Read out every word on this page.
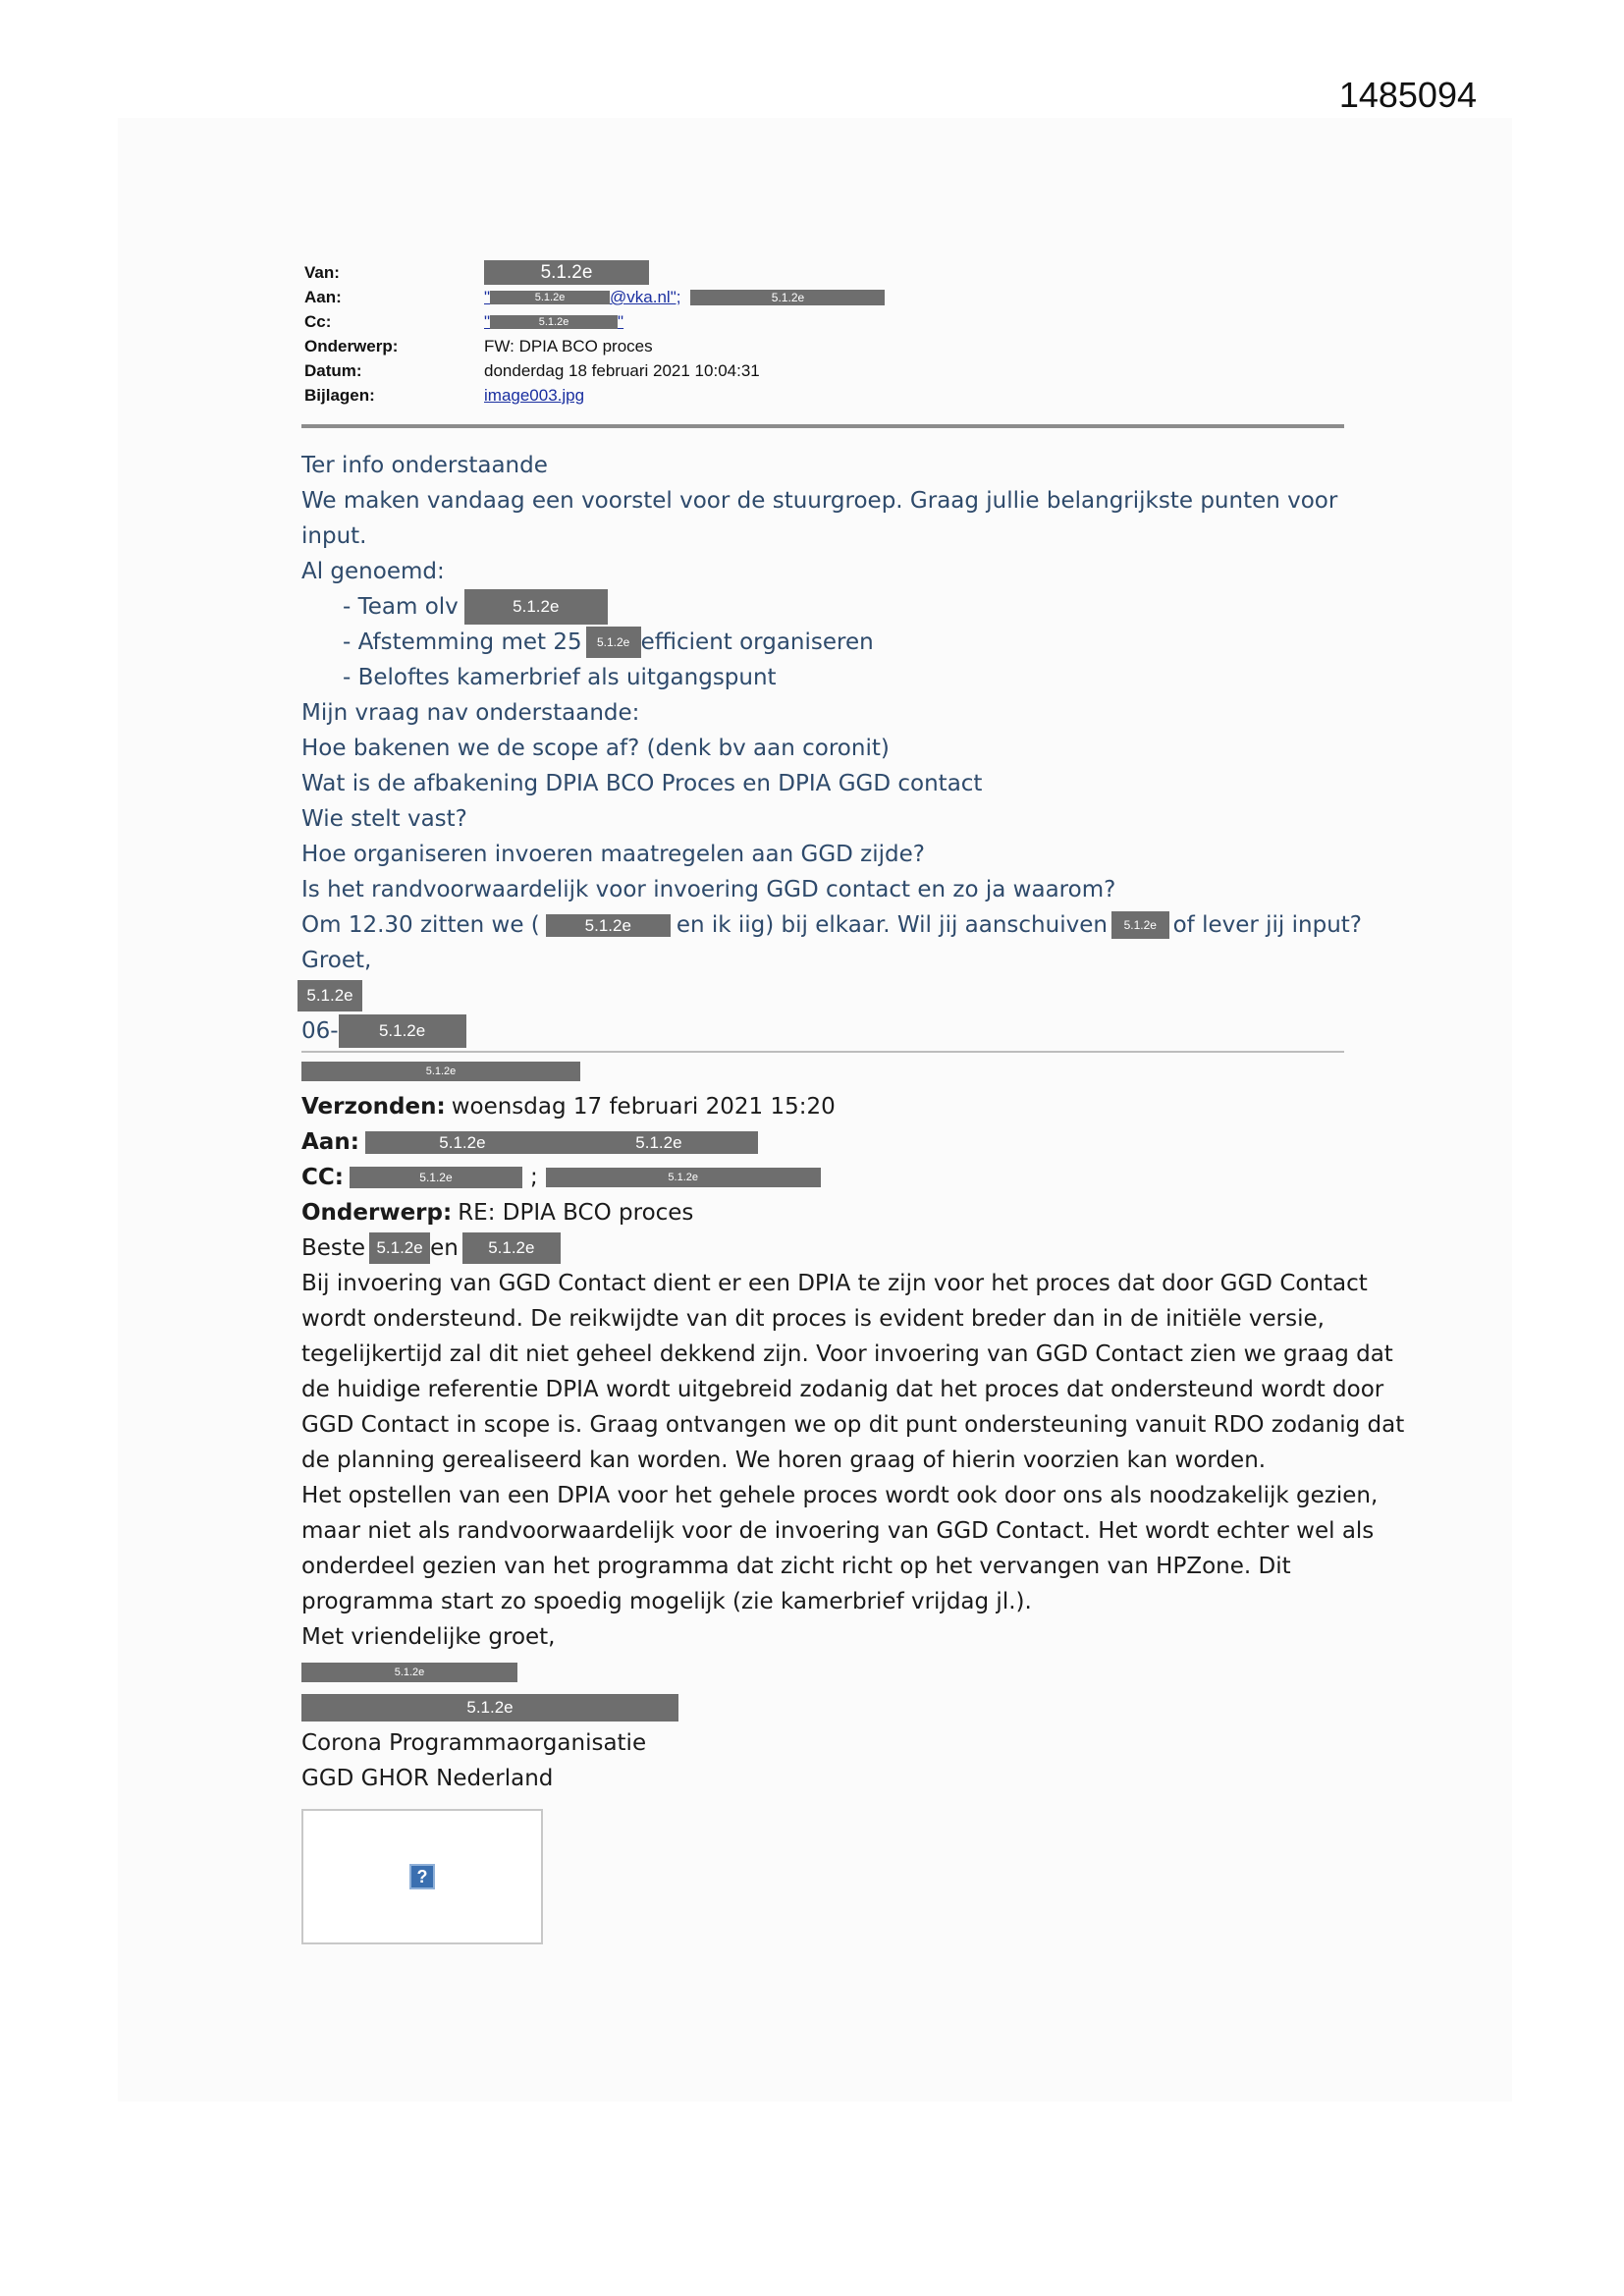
1485094
Van:	5.1.2e
Aan:	"	5.1.2e	@vka.nl";	5.1.2e
Cc:	"	5.1.2e	"
Onderwerp:	FW: DPIA BCO proces
Datum:	donderdag 18 februari 2021 10:04:31
Bijlagen:	image003.jpg

Ter info onderstaande

We maken vandaag een voorstel voor de stuurgroep. Graag jullie belangrijkste punten voor

input.

Al genoemd:

- Team olv	5.1.2e

- Afstemming met 25	5.1.2e efficient organiseren

- Beloftes kamerbrief als uitgangspunt

Mijn vraag nav onderstaande:

Hoe bakenen we de scope af? (denk bv aan coronit)

Wat is de afbakening DPIA BCO Proces en DPIA GGD contact

Wie stelt vast?

Hoe organiseren invoeren maatregelen aan GGD zijde?

Is het randvoorwaardelijk voor invoering GGD contact en zo ja waarom?

Om 12.30 zitten we (	5.1.2e	en ik iig) bij elkaar. Wil jij aanschuiven	5.1.2e of lever jij input?

Groet,

5.1.2e

06-	5.1.2e

5.1.2e

Verzonden: woensdag 17 februari 2021 15:20

Aan:	5.1.2e	5.1.2e

CC:	5.1.2e	;	5.1.2e

Onderwerp: RE: DPIA BCO proces

Beste 5.1.2e en	5.1.2e

Bij invoering van GGD Contact dient er een DPIA te zijn voor het proces dat door GGD Contact

wordt ondersteund. De reikwijdte van dit proces is evident breder dan in de initiële versie,

tegelijkertijd zal dit niet geheel dekkend zijn. Voor invoering van GGD Contact zien we graag dat

de huidige referentie DPIA wordt uitgebreid zodanig dat het proces dat ondersteund wordt door

GGD Contact in scope is. Graag ontvangen we op dit punt ondersteuning vanuit RDO zodanig dat

de planning gerealiseerd kan worden. We horen graag of hierin voorzien kan worden.

Het opstellen van een DPIA voor het gehele proces wordt ook door ons als noodzakelijk gezien,

maar niet als randvoorwaardelijk voor de invoering van GGD Contact. Het wordt echter wel als

onderdeel gezien van het programma dat zicht richt op het vervangen van HPZone. Dit

programma start zo spoedig mogelijk (zie kamerbrief vrijdag jl.).

Met vriendelijke groet,

5.1.2e

5.1.2e

Corona Programmaorganisatie

GGD GHOR Nederland

?
